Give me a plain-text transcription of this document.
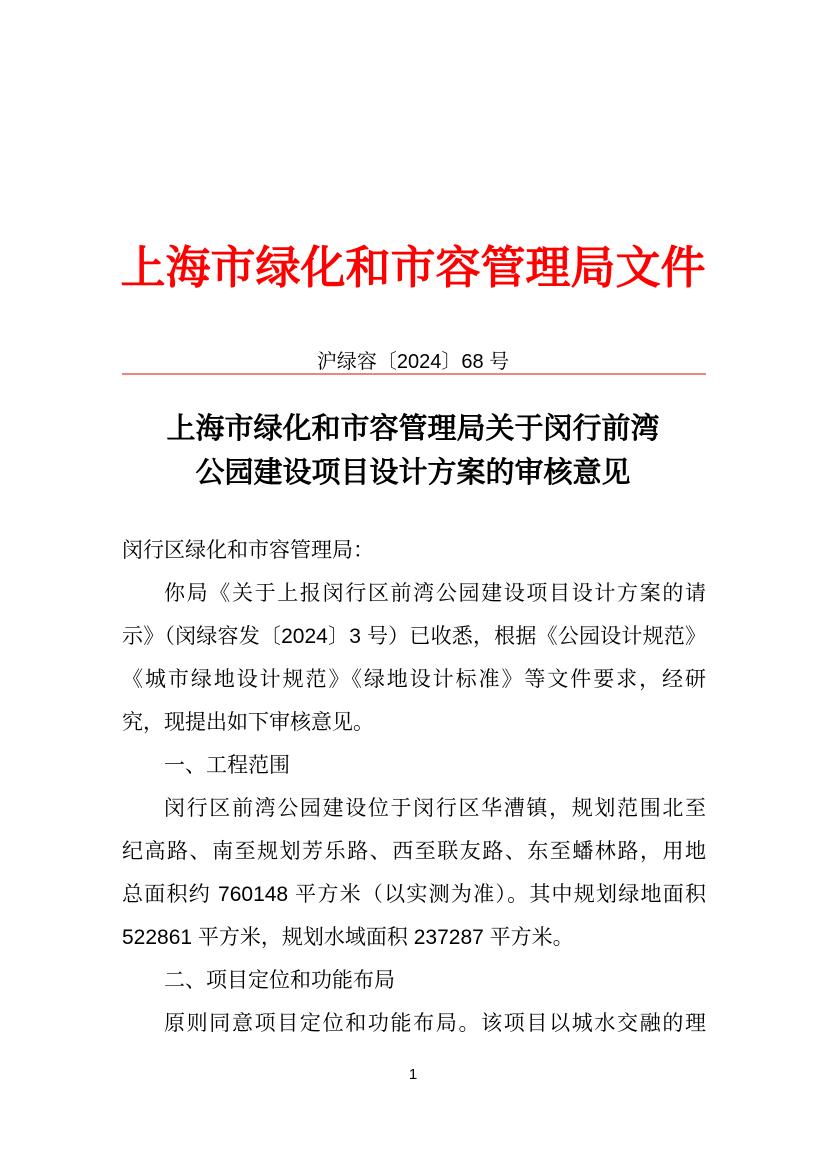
上海市绿化和市容管理局文件
沪绿容〔2024〕68 号
上海市绿化和市容管理局关于闵行前湾
公园建设项目设计方案的审核意见
闵行区绿化和市容管理局：
你局《关于上报闵行区前湾公园建设项目设计方案的请
示》（闵绿容发〔2024〕3 号）已收悉，根据《公园设计规范》
《城市绿地设计规范》《绿地设计标准》等文件要求，经研
究，现提出如下审核意见。
一、工程范围
闵行区前湾公园建设位于闵行区华漕镇，规划范围北至
纪高路、南至规划芳乐路、西至联友路、东至蟠林路，用地
总面积约 760148 平方米（以实测为准）。其中规划绿地面积
522861 平方米，规划水域面积 237287 平方米。
二、项目定位和功能布局
原则同意项目定位和功能布局。该项目以城水交融的理
1
